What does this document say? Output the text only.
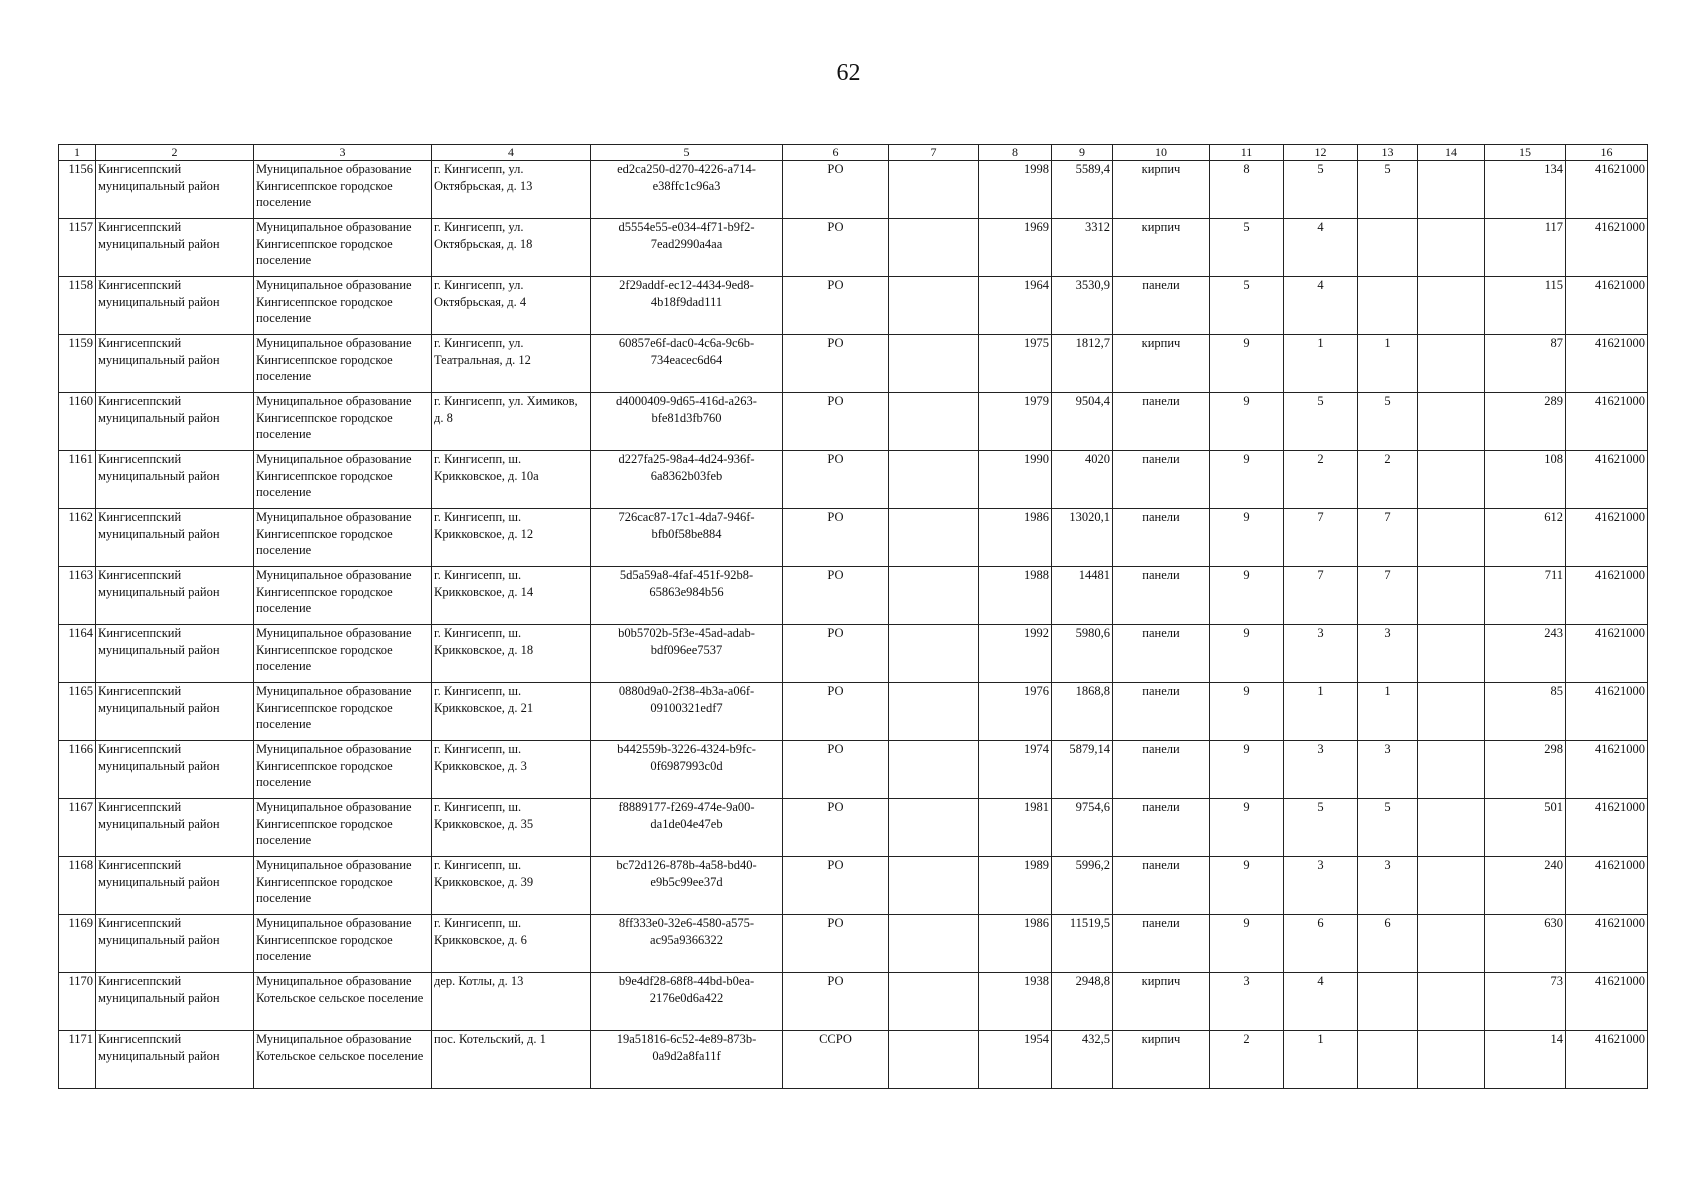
62
1	2	3	4	5	6	7	8	9	10	11	12	13	14	15	16
1156	Кингисеппский муниципальный район	Муниципальное образование Кингисеппское городское поселение	г. Кингисепп, ул. Октябрьская, д. 13	ed2ca250-d270-4226-a714-e38ffc1c96a3	РО		1998	5589,4	кирпич	8	5	5		134	41621000
1157	Кингисеппский муниципальный район	Муниципальное образование Кингисеппское городское поселение	г. Кингисепп, ул. Октябрьская, д. 18	d5554e55-e034-4f71-b9f2-7ead2990a4aa	РО		1969	3312	кирпич	5	4			117	41621000
1158	Кингисеппский муниципальный район	Муниципальное образование Кингисеппское городское поселение	г. Кингисепп, ул. Октябрьская, д. 4	2f29addf-ec12-4434-9ed8-4b18f9dad111	РО		1964	3530,9	панели	5	4			115	41621000
1159	Кингисеппский муниципальный район	Муниципальное образование Кингисеппское городское поселение	г. Кингисепп, ул. Театральная, д. 12	60857e6f-dac0-4c6a-9c6b-734eacec6d64	РО		1975	1812,7	кирпич	9	1	1		87	41621000
1160	Кингисеппский муниципальный район	Муниципальное образование Кингисеппское городское поселение	г. Кингисепп, ул. Химиков, д. 8	d4000409-9d65-416d-a263-bfe81d3fb760	РО		1979	9504,4	панели	9	5	5		289	41621000
1161	Кингисеппский муниципальный район	Муниципальное образование Кингисеппское городское поселение	г. Кингисепп, ш. Крикковское, д. 10а	d227fa25-98a4-4d24-936f-6a8362b03feb	РО		1990	4020	панели	9	2	2		108	41621000
1162	Кингисеппский муниципальный район	Муниципальное образование Кингисеппское городское поселение	г. Кингисепп, ш. Крикковское, д. 12	726cac87-17c1-4da7-946f-bfb0f58be884	РО		1986	13020,1	панели	9	7	7		612	41621000
1163	Кингисеппский муниципальный район	Муниципальное образование Кингисеппское городское поселение	г. Кингисепп, ш. Крикковское, д. 14	5d5a59a8-4faf-451f-92b8-65863e984b56	РО		1988	14481	панели	9	7	7		711	41621000
1164	Кингисеппский муниципальный район	Муниципальное образование Кингисеппское городское поселение	г. Кингисепп, ш. Крикковское, д. 18	b0b5702b-5f3e-45ad-adab-bdf096ee7537	РО		1992	5980,6	панели	9	3	3		243	41621000
1165	Кингисеппский муниципальный район	Муниципальное образование Кингисеппское городское поселение	г. Кингисепп, ш. Крикковское, д. 21	0880d9a0-2f38-4b3a-a06f-09100321edf7	РО		1976	1868,8	панели	9	1	1		85	41621000
1166	Кингисеппский муниципальный район	Муниципальное образование Кингисеппское городское поселение	г. Кингисепп, ш. Крикковское, д. 3	b442559b-3226-4324-b9fc-0f6987993c0d	РО		1974	5879,14	панели	9	3	3		298	41621000
1167	Кингисеппский муниципальный район	Муниципальное образование Кингисеппское городское поселение	г. Кингисепп, ш. Крикковское, д. 35	f8889177-f269-474e-9a00-da1de04e47eb	РО		1981	9754,6	панели	9	5	5		501	41621000
1168	Кингисеппский муниципальный район	Муниципальное образование Кингисеппское городское поселение	г. Кингисепп, ш. Крикковское, д. 39	bc72d126-878b-4a58-bd40-e9b5c99ee37d	РО		1989	5996,2	панели	9	3	3		240	41621000
1169	Кингисеппский муниципальный район	Муниципальное образование Кингисеппское городское поселение	г. Кингисепп, ш. Крикковское, д. 6	8ff333e0-32e6-4580-a575-ac95a9366322	РО		1986	11519,5	панели	9	6	6		630	41621000
1170	Кингисеппский муниципальный район	Муниципальное образование Котельское сельское поселение	дер. Котлы, д. 13	b9e4df28-68f8-44bd-b0ea-2176e0d6a422	РО		1938	2948,8	кирпич	3	4			73	41621000
1171	Кингисеппский муниципальный район	Муниципальное образование Котельское сельское поселение	пос. Котельский, д. 1	19a51816-6c52-4e89-873b-0a9d2a8fa11f	ССРО		1954	432,5	кирпич	2	1			14	41621000
